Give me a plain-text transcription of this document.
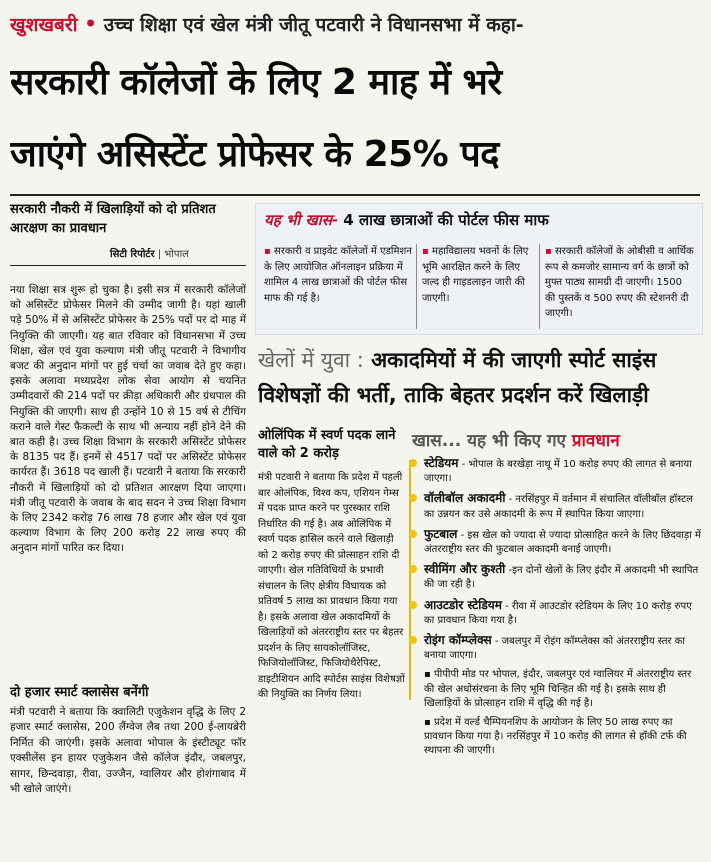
खुशखबरी • उच्च शिक्षा एवं खेल मंत्री जीतू पटवारी ने विधानसभा में कहा-
सरकारी कॉलेजों के लिए 2 माह में भरे
जाएंगे असिस्टेंट प्रोफेसर के 25% पद
सरकारी नौकरी में खिलाड़ियों को दो प्रतिशत आरक्षण का प्रावधान
सिटी रिपोर्टर | भोपाल

नया शिक्षा सत्र शुरू हो चुका है। इसी सत्र में सरकारी कॉलेजों को असिस्टेंट प्रोफेसर मिलने की उम्मीद जागी है। यहां खाली पड़े 50% में से असिस्टेंट प्रोफेसर के 25% पदों पर दो माह में नियुक्ति की जाएगी। यह बात रविवार को विधानसभा में उच्च शिक्षा, खेल एवं युवा कल्याण मंत्री जीतू पटवारी ने विभागीय बजट की अनुदान मांगों पर हुई चर्चा का जवाब देते हुए कहा। इसके अलावा मध्यप्रदेश लोक सेवा आयोग से चयनित उम्मीदवारों की 214 पदों पर क्रीड़ा अधिकारी और ग्रंथपाल की नियुक्ति की जाएगी। साथ ही उन्होंने 10 से 15 वर्ष से टीचिंग कराने वाले गेस्ट फैकल्टी के साथ भी अन्याय नहीं होने देने की बात कही है। उच्च शिक्षा विभाग के सरकारी असिस्टेंट प्रोफेसर के 8135 पद हैं। इनमें से 4517 पदों पर असिस्टेंट प्रोफेसर कार्यरत हैं। 3618 पद खाली हैं। पटवारी ने बताया कि सरकारी नौकरी में खिलाड़ियों को दो प्रतिशत आरक्षण दिया जाएगा। मंत्री जीतू पटवारी के जवाब के बाद सदन ने उच्च शिक्षा विभाग के लिए 2342 करोड़ 76 लाख 78 हजार और खेल एवं युवा कल्याण विभाग के लिए 200 करोड़ 22 लाख रुपए की अनुदान मांगों पारित कर दिया।

दो हजार स्मार्ट क्लासेस बनेंगी
मंत्री पटवारी ने बताया कि क्वालिटी एजुकेशन वृद्धि के लिए 2 हजार स्मार्ट क्लासेस, 200 लैंग्वेज लैब तथा 200 ई-लायब्रेरी निर्मित की जाएंगी। इसके अलावा भोपाल के इंस्टीट्यूट फॉर एक्सीलेंस इन हायर एजुकेशन जैसे कॉलेज इंदौर, जबलपुर, सागर, छिन्दवाड़ा, रीवा, उज्जैन, ग्वालियर और होशंगाबाद में भी खोले जाएंगे।
यह भी खास- 4 लाख छात्राओं की पोर्टल फीस माफ
▪ सरकारी व प्राइवेट कॉलेजों में एडमिशन के लिए आयोजित ऑनलाइन प्रक्रिया में शामिल 4 लाख छात्राओं की पोर्टल फीस माफ की गई है।
▪ महाविद्यालय भवनों के लिए भूमि आरक्षित करने के लिए जल्द ही गाइडलाइन जारी की जाएगी।
▪ सरकारी कॉलेजों के ओबीसी व आर्थिक रूप से कमजोर सामान्य वर्ग के छात्रों को मुफ्त पाठ्य सामग्री दी जाएगी। 1500 की पुस्तकें व 500 रुपए की स्टेशनरी दी जाएगी।
खेलों में युवा : अकादमियों में की जाएगी स्पोर्ट साइंस
विशेषज्ञों की भर्ती, ताकि बेहतर प्रदर्शन करें खिलाड़ी
ओलिंपिक में स्वर्ण पदक लाने वाले को 2 करोड़
मंत्री पटवारी ने बताया कि प्रदेश में पहली बार ओलंपिक, विश्व कप, एशियन गेम्स में पदक प्राप्त करने पर पुरस्कार राशि निर्धारित की गई है। अब ओलिंपिक में स्वर्ण पदक हासिल करने वाले खिलाड़ी को 2 करोड़ रुपए की प्रोत्साहन राशि दी जाएगी। खेल गतिविधियों के प्रभावी संचालन के लिए क्षेत्रीय विधायक को प्रतिवर्ष 5 लाख का प्रावधान किया गया है। इसके अलावा खेल अकादमियों के खिलाड़ियों को अंतरराष्ट्रीय स्तर पर बेहतर प्रदर्शन के लिए सायकोलॉजिस्ट, फिजियोलॉजिस्ट, फिजियोथैरेपिस्ट, डाइटीशियन आदि स्पोर्टस साइंस विशेषज्ञों की नियुक्ति का निर्णय लिया।
खास... यह भी किए गए प्रावधान
स्टेडियम - भोपाल के बरखेड़ा नाथू में 10 करोड़ रुपए की लागत से बनाया जाएगा।
वॉलीबॉल अकादमी - नरसिंहपुर में वर्तमान में संचालित वॉलीबॉल हॉस्टल का उन्नयन कर उसे अकादमी के रूप में स्थापित किया जाएगा।
फुटबाल - इस खेल को ज्यादा से ज्यादा प्रोत्साहित करने के लिए छिंदवाड़ा में अंतरराष्ट्रीय स्तर की फुटबाल अकादमी बनाई जाएगी।
स्वीमिंग और कुश्ती -इन दोनों खेलों के लिए इंदौर में अकादमी भी स्थापित की जा रही है।
आउटडोर स्टेडियम - रीवा में आउटडोर स्टेडियम के लिए 10 करोड़ रुपए का प्रावधान किया गया है।
रोइंग कॉम्प्लेक्स - जबलपुर में रोइंग कॉम्प्लेक्स को अंतरराष्ट्रीय स्तर का बनाया जाएगा।
▪ पीपीपी मोड पर भोपाल, इंदौर, जबलपुर एवं ग्वालियर में अंतरराष्ट्रीय स्तर की खेल अधोसंरचना के लिए भूमि चिन्हित की गई है। इसके साथ ही खिलाड़ियों के प्रोत्साहन राशि में वृद्धि की गई है।
▪ प्रदेश में वर्ल्ड चैम्पियनशिप के आयोजन के लिए 50 लाख रुपए का प्रावधान किया गया है। नरसिंहपुर में 10 करोड़ की लागत से हॉकी टर्फ की स्थापना की जाएगी।
